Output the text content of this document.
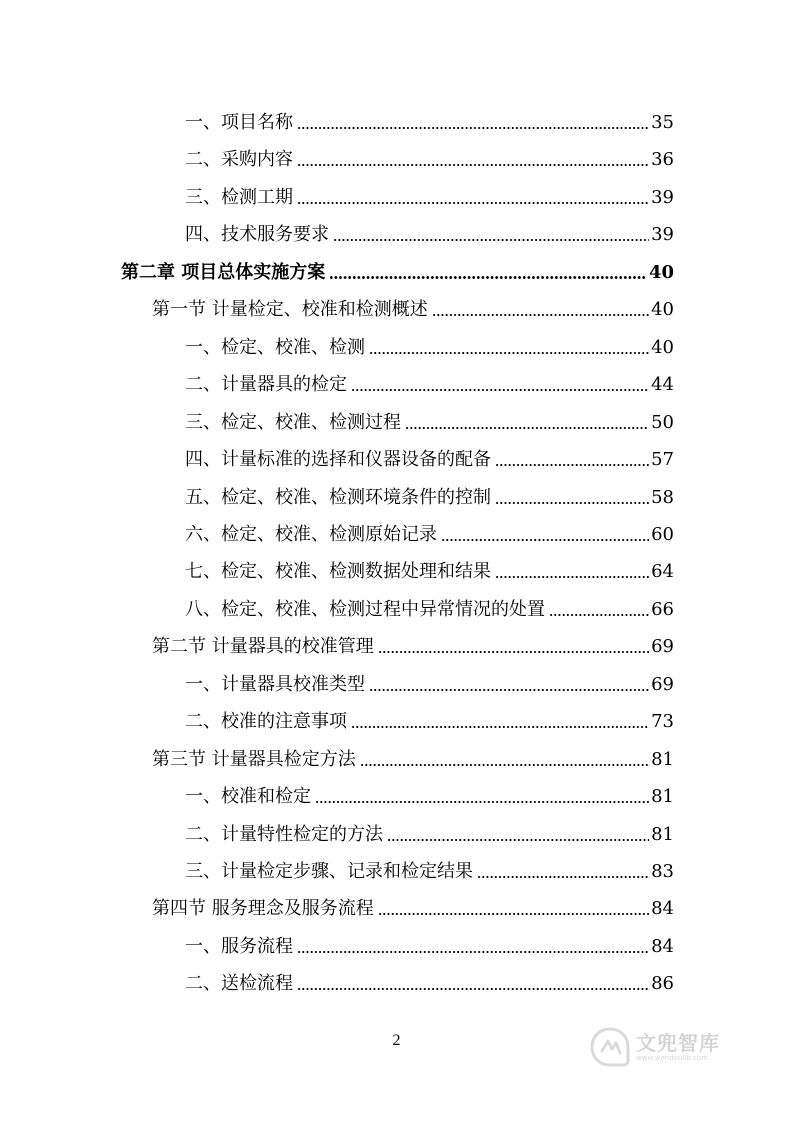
一、项目名称	35
二、采购内容	36
三、检测工期	39
四、技术服务要求	39
第二章 项目总体实施方案	40
第一节 计量检定、校准和检测概述	40
一、检定、校准、检测	40
二、计量器具的检定	44
三、检定、校准、检测过程	50
四、计量标准的选择和仪器设备的配备	57
五、检定、校准、检测环境条件的控制	58
六、检定、校准、检测原始记录	60
七、检定、校准、检测数据处理和结果	64
八、检定、校准、检测过程中异常情况的处置	66
第二节 计量器具的校准管理	69
一、计量器具校准类型	69
二、校准的注意事项	73
第三节 计量器具检定方法	81
一、校准和检定	81
二、计量特性检定的方法	81
三、计量检定步骤、记录和检定结果	83
第四节 服务理念及服务流程	84
一、服务流程	84
二、送检流程	86
2	文兜智库
www.wendoulib.com
